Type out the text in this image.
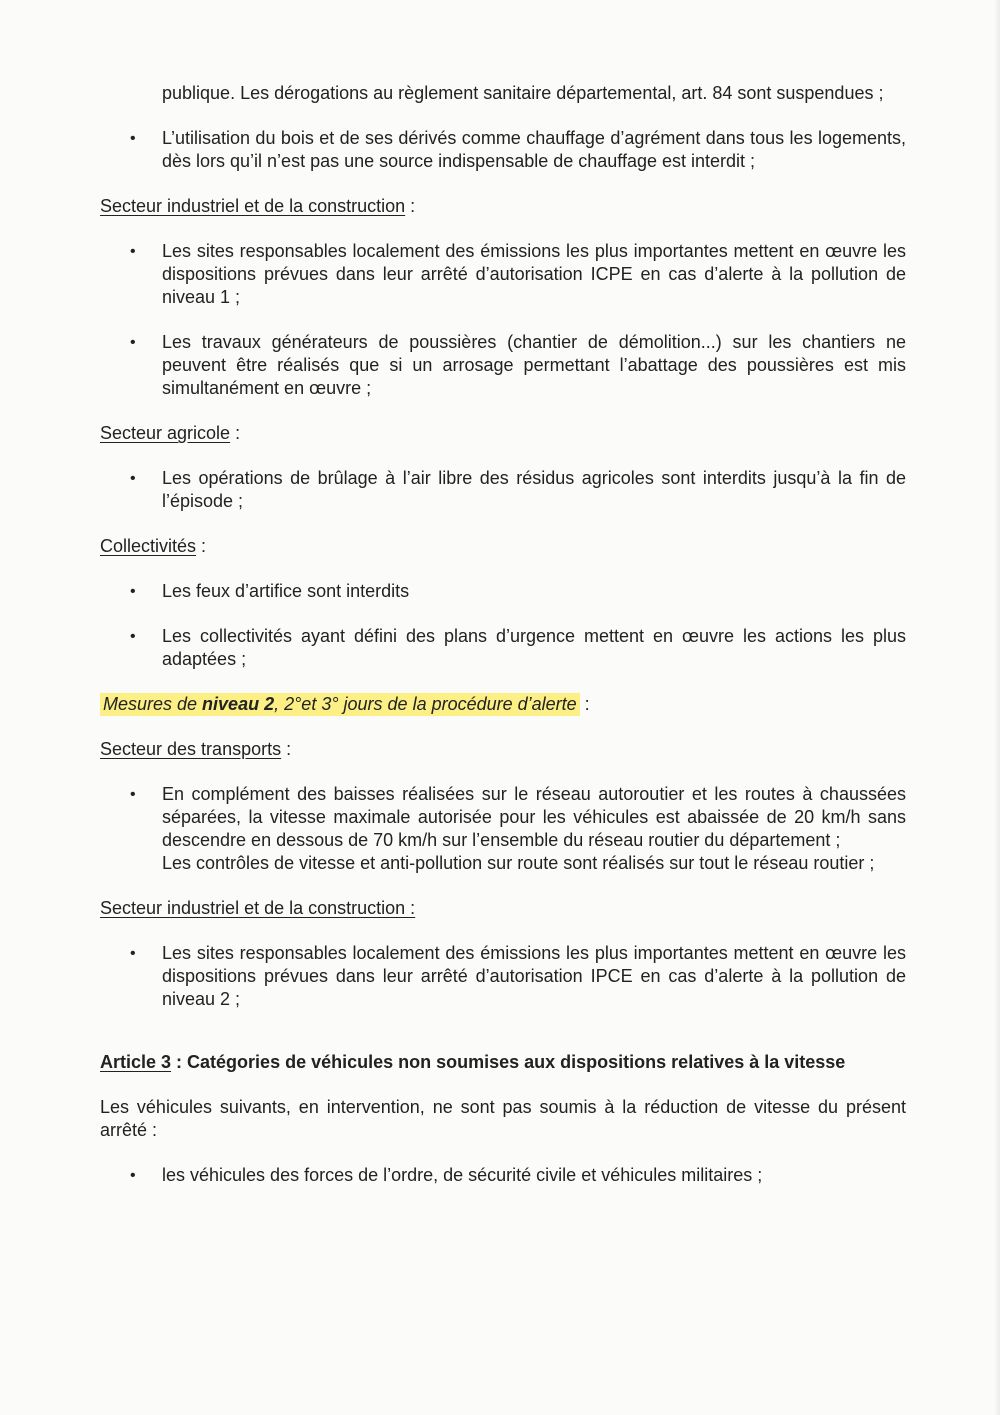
publique. Les dérogations au règlement sanitaire départemental, art. 84 sont suspendues ;

• L’utilisation du bois et de ses dérivés comme chauffage d’agrément dans tous les logements, dès lors qu’il n’est pas une source indispensable de chauffage est interdit ;

Secteur industriel et de la construction :

• Les sites responsables localement des émissions les plus importantes mettent en œuvre les dispositions prévues dans leur arrêté d’autorisation ICPE en cas d’alerte à la pollution de niveau 1 ;
• Les travaux générateurs de poussières (chantier de démolition...) sur les chantiers ne peuvent être réalisés que si un arrosage permettant l’abattage des poussières est mis simultanément en œuvre ;

Secteur agricole :

• Les opérations de brûlage à l’air libre des résidus agricoles sont interdits jusqu’à la fin de l’épisode ;

Collectivités :

• Les feux d’artifice sont interdits
• Les collectivités ayant défini des plans d’urgence mettent en œuvre les actions les plus adaptées ;

Mesures de niveau 2, 2°et 3° jours de la procédure d’alerte :

Secteur des transports :

• En complément des baisses réalisées sur le réseau autoroutier et les routes à chaussées séparées, la vitesse maximale autorisée pour les véhicules est abaissée de 20 km/h sans descendre en dessous de 70 km/h sur l’ensemble du réseau routier du département ;
Les contrôles de vitesse et anti-pollution sur route sont réalisés sur tout le réseau routier ;

Secteur industriel et de la construction :

• Les sites responsables localement des émissions les plus importantes mettent en œuvre les dispositions prévues dans leur arrêté d’autorisation IPCE en cas d’alerte à la pollution de niveau 2 ;

Article 3 : Catégories de véhicules non soumises aux dispositions relatives à la vitesse

Les véhicules suivants, en intervention, ne sont pas soumis à la réduction de vitesse du présent arrêté :

• les véhicules des forces de l’ordre, de sécurité civile et véhicules militaires ;
